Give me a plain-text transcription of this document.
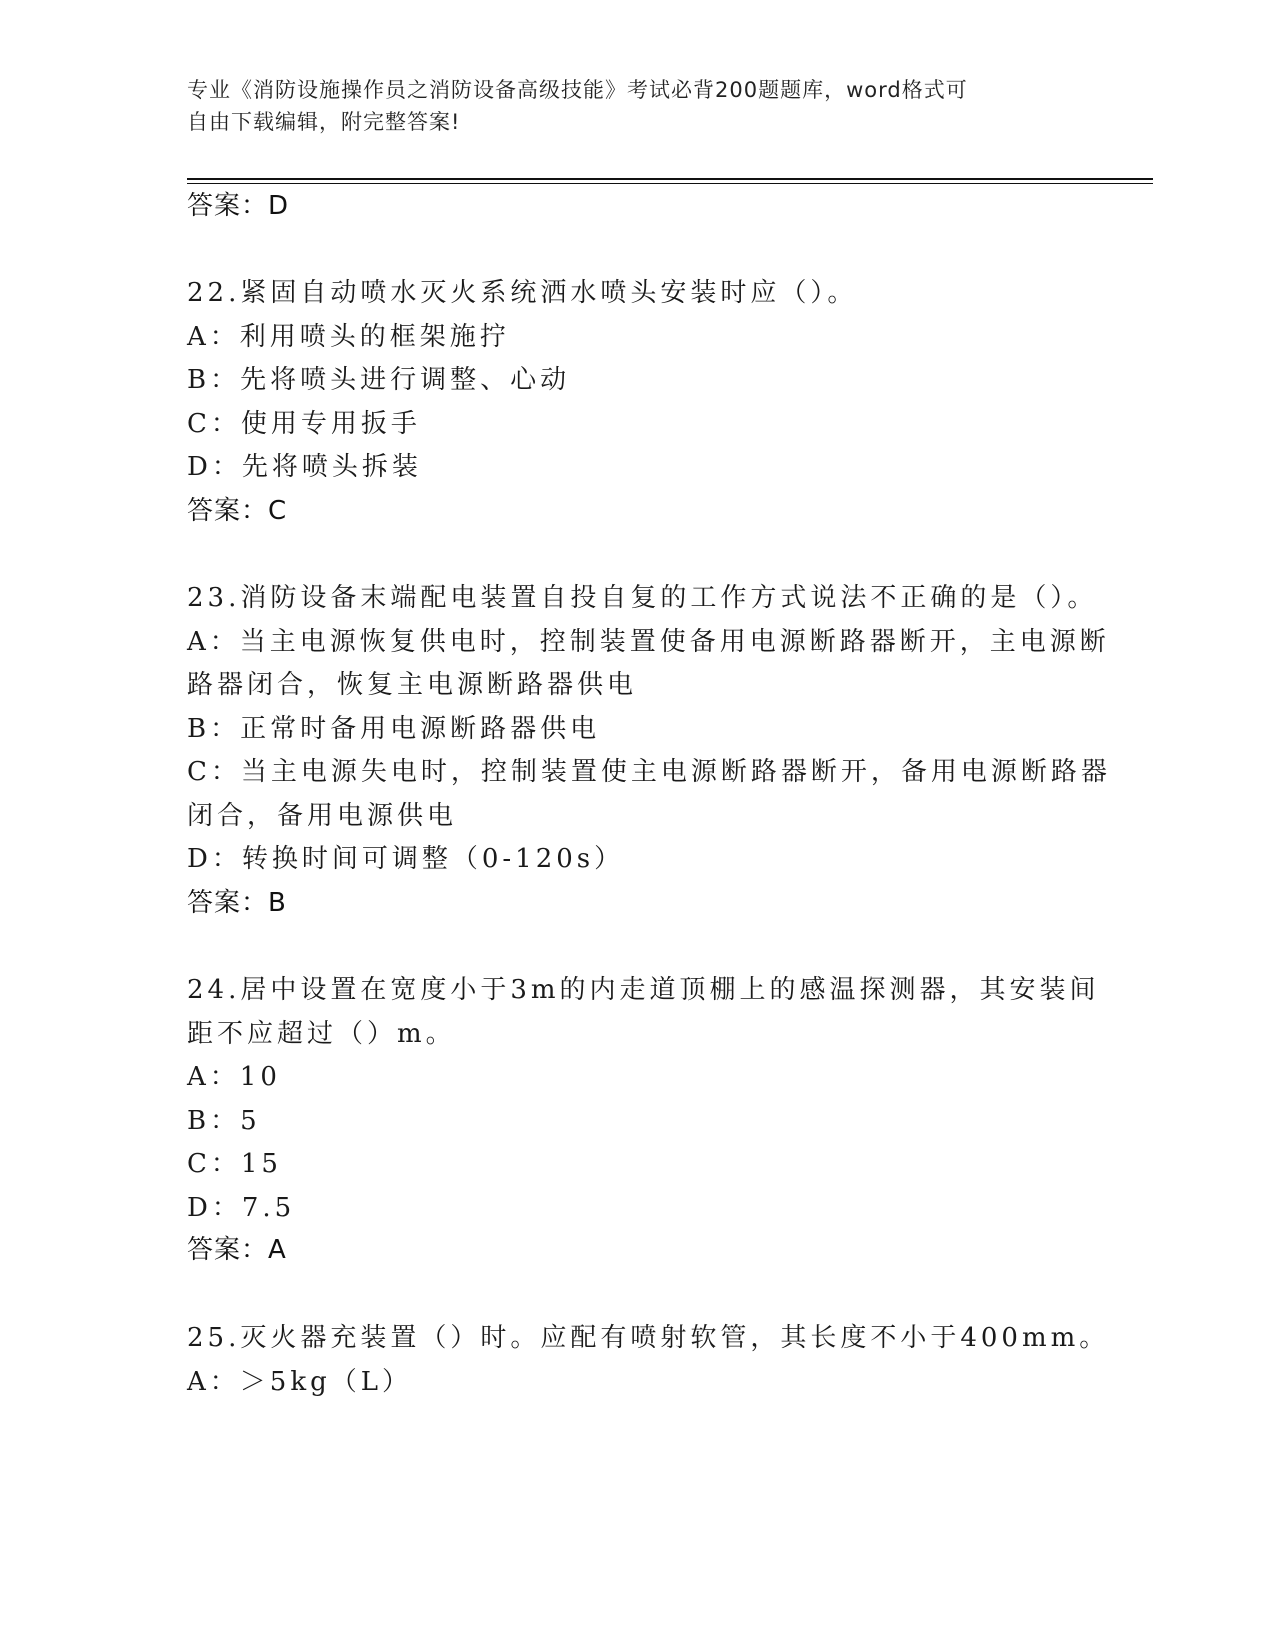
专业《消防设施操作员之消防设备高级技能》考试必背200题题库，word格式可
自由下载编辑，附完整答案!
答案：D
22.紧固自动喷水灭火系统洒水喷头安装时应（）。
A：利用喷头的框架施拧
B：先将喷头进行调整、心动
C：使用专用扳手
D：先将喷头拆装
答案：C
23.消防设备末端配电装置自投自复的工作方式说法不正确的是（）。
A：当主电源恢复供电时，控制装置使备用电源断路器断开，主电源断
路器闭合，恢复主电源断路器供电
B：正常时备用电源断路器供电
C：当主电源失电时，控制装置使主电源断路器断开，备用电源断路器
闭合，备用电源供电
D：转换时间可调整（0-120s）
答案：B
24.居中设置在宽度小于3m的内走道顶棚上的感温探测器，其安装间
距不应超过（）m。
A：10
B：5
C：15
D：7.5
答案：A
25.灭火器充装置（）时。应配有喷射软管，其长度不小于400mm。
A：＞5kg（L）
